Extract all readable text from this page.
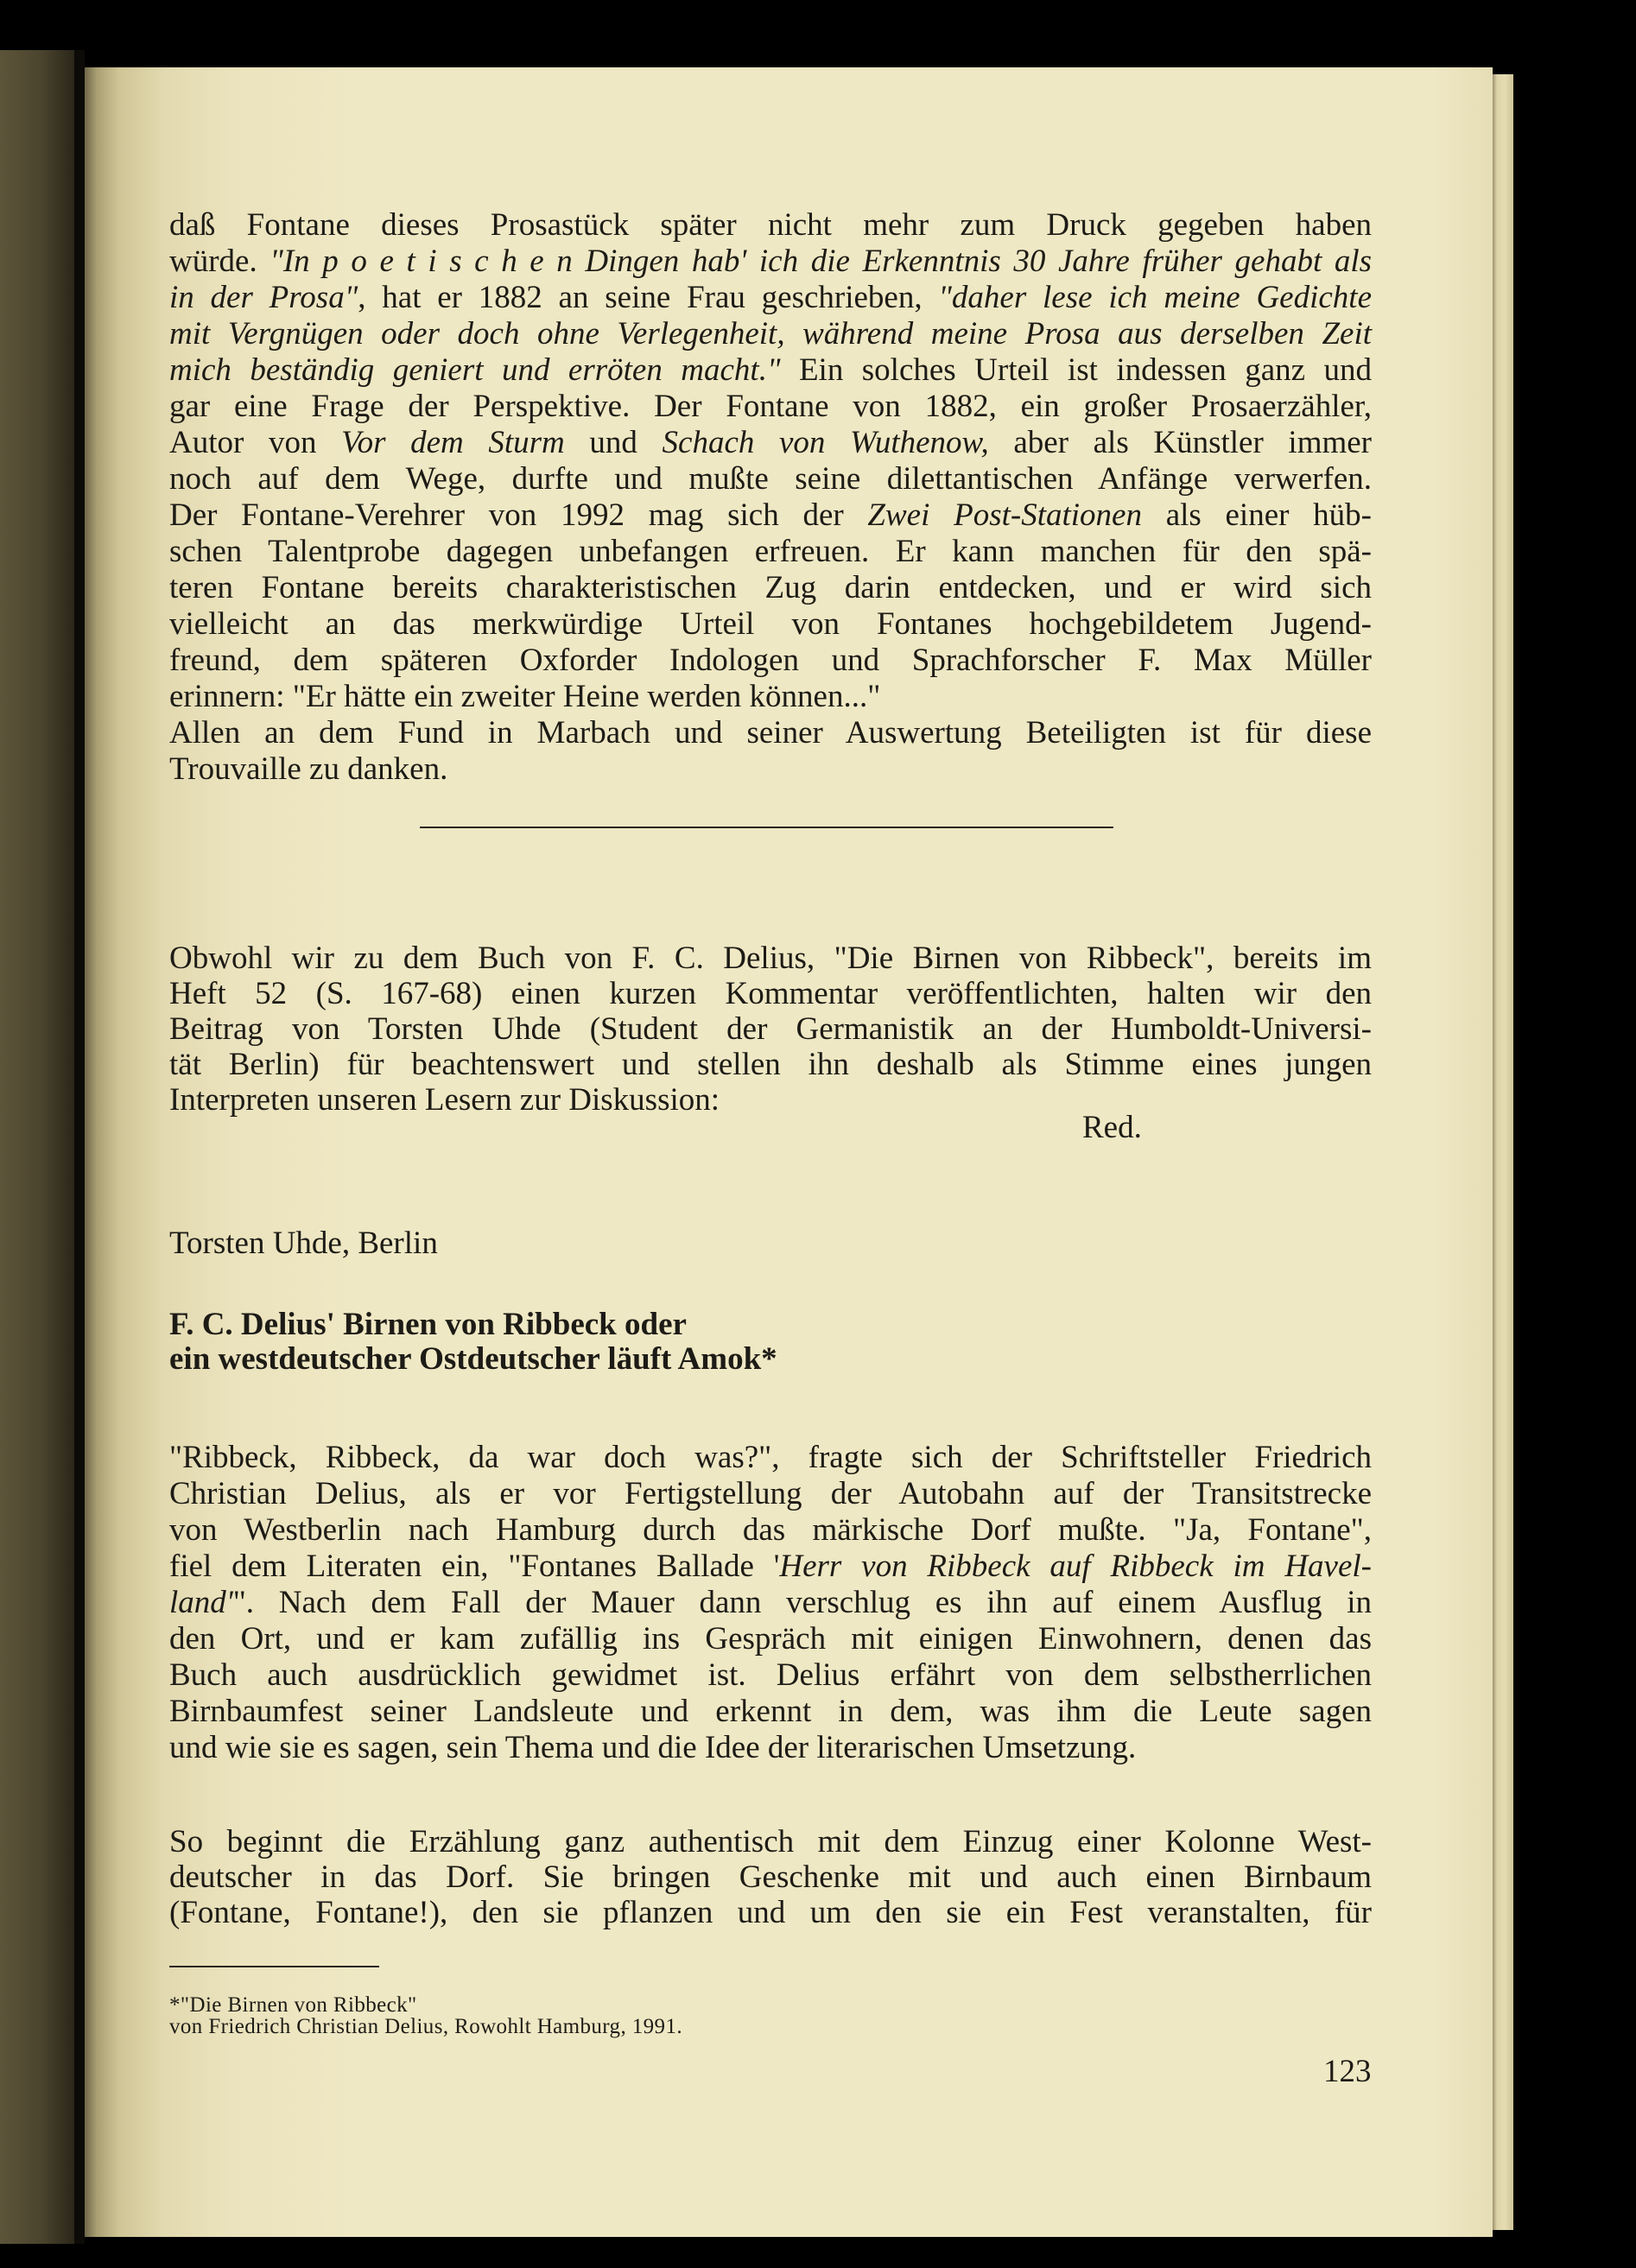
daß Fontane dieses Prosastück später nicht mehr zum Druck gegeben haben
würde. "In p o e t i s c h e n Dingen hab' ich die Erkenntnis 30 Jahre früher gehabt als
in der Prosa", hat er 1882 an seine Frau geschrieben, "daher lese ich meine Gedichte
mit Vergnügen oder doch ohne Verlegenheit, während meine Prosa aus derselben Zeit
mich beständig geniert und erröten macht." Ein solches Urteil ist indessen ganz und
gar eine Frage der Perspektive. Der Fontane von 1882, ein großer Prosaerzähler,
Autor von Vor dem Sturm und Schach von Wuthenow, aber als Künstler immer
noch auf dem Wege, durfte und mußte seine dilettantischen Anfänge verwerfen.
Der Fontane-Verehrer von 1992 mag sich der Zwei Post-Stationen als einer hüb-
schen Talentprobe dagegen unbefangen erfreuen. Er kann manchen für den spä-
teren Fontane bereits charakteristischen Zug darin entdecken, und er wird sich
vielleicht an das merkwürdige Urteil von Fontanes hochgebildetem Jugend-
freund, dem späteren Oxforder Indologen und Sprachforscher F. Max Müller
erinnern: "Er hätte ein zweiter Heine werden können..."
Allen an dem Fund in Marbach und seiner Auswertung Beteiligten ist für diese
Trouvaille zu danken.
Obwohl wir zu dem Buch von F. C. Delius, "Die Birnen von Ribbeck", bereits im
Heft 52 (S. 167-68) einen kurzen Kommentar veröffentlichten, halten wir den
Beitrag von Torsten Uhde (Student der Germanistik an der Humboldt-Universi-
tät Berlin) für beachtenswert und stellen ihn deshalb als Stimme eines jungen
Interpreten unseren Lesern zur Diskussion:
Red.
Torsten Uhde, Berlin
F. C. Delius' Birnen von Ribbeck oder
ein westdeutscher Ostdeutscher läuft Amok*
"Ribbeck, Ribbeck, da war doch was?", fragte sich der Schriftsteller Friedrich
Christian Delius, als er vor Fertigstellung der Autobahn auf der Transitstrecke
von Westberlin nach Hamburg durch das märkische Dorf mußte. "Ja, Fontane",
fiel dem Literaten ein, "Fontanes Ballade 'Herr von Ribbeck auf Ribbeck im Havel-
land'". Nach dem Fall der Mauer dann verschlug es ihn auf einem Ausflug in
den Ort, und er kam zufällig ins Gespräch mit einigen Einwohnern, denen das
Buch auch ausdrücklich gewidmet ist. Delius erfährt von dem selbstherrlichen
Birnbaumfest seiner Landsleute und erkennt in dem, was ihm die Leute sagen
und wie sie es sagen, sein Thema und die Idee der literarischen Umsetzung.
So beginnt die Erzählung ganz authentisch mit dem Einzug einer Kolonne West-
deutscher in das Dorf. Sie bringen Geschenke mit und auch einen Birnbaum
(Fontane, Fontane!), den sie pflanzen und um den sie ein Fest veranstalten, für
*"Die Birnen von Ribbeck"
von Friedrich Christian Delius, Rowohlt Hamburg, 1991.
123
